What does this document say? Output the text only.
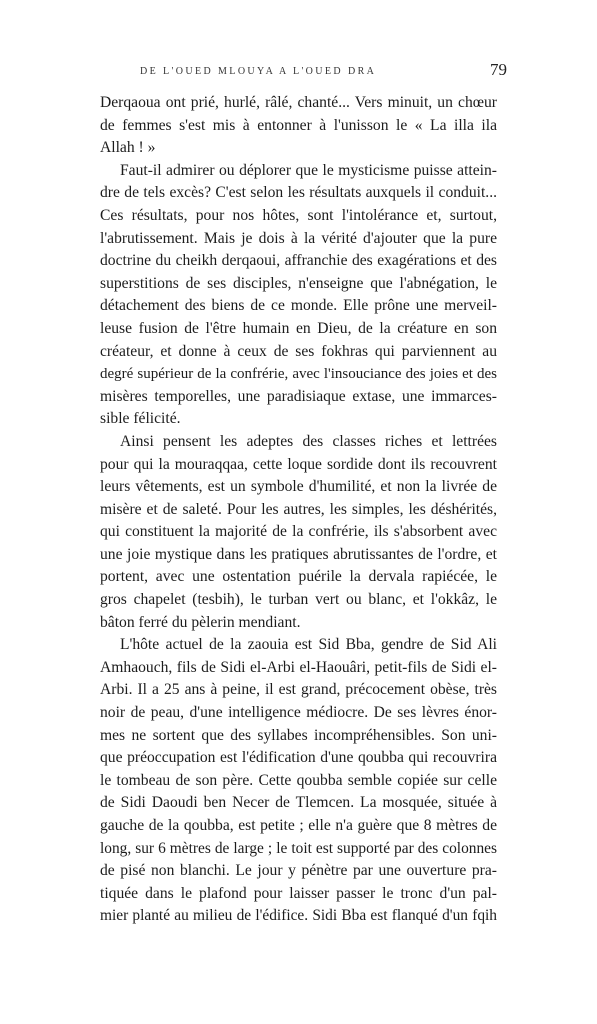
DE L'OUED MLOUYA A L'OUED DRA	79
Derqaoua ont prié, hurlé, râlé, chanté... Vers minuit, un chœur
de femmes s'est mis à entonner à l'unisson le « La illa ila
Allah ! »
Faut-il admirer ou déplorer que le mysticisme puisse attein-
dre de tels excès? C'est selon les résultats auxquels il conduit...
Ces résultats, pour nos hôtes, sont l'intolérance et, surtout,
l'abrutissement. Mais je dois à la vérité d'ajouter que la pure
doctrine du cheikh derqaoui, affranchie des exagérations et des
superstitions de ses disciples, n'enseigne que l'abnégation, le
détachement des biens de ce monde. Elle prône une merveil-
leuse fusion de l'être humain en Dieu, de la créature en son
créateur, et donne à ceux de ses fokhras qui parviennent au
degré supérieur de la confrérie, avec l'insouciance des joies et des
misères temporelles, une paradisiaque extase, une immarces-
sible félicité.
Ainsi pensent les adeptes des classes riches et lettrées
pour qui la mouraqqaa, cette loque sordide dont ils recouvrent
leurs vêtements, est un symbole d'humilité, et non la livrée de
misère et de saleté. Pour les autres, les simples, les déshérités,
qui constituent la majorité de la confrérie, ils s'absorbent avec
une joie mystique dans les pratiques abrutissantes de l'ordre, et
portent, avec une ostentation puérile la dervala rapiécée, le
gros chapelet (tesbih), le turban vert ou blanc, et l'okkâz, le
bâton ferré du pèlerin mendiant.
L'hôte actuel de la zaouia est Sid Bba, gendre de Sid Ali
Amhaouch, fils de Sidi el-Arbi el-Haouâri, petit-fils de Sidi el-
Arbi. Il a 25 ans à peine, il est grand, précocement obèse, très
noir de peau, d'une intelligence médiocre. De ses lèvres énor-
mes ne sortent que des syllabes incompréhensibles. Son uni-
que préoccupation est l'édification d'une qoubba qui recouvrira
le tombeau de son père. Cette qoubba semble copiée sur celle
de Sidi Daoudi ben Necer de Tlemcen. La mosquée, située à
gauche de la qoubba, est petite ; elle n'a guère que 8 mètres de
long, sur 6 mètres de large ; le toit est supporté par des colonnes
de pisé non blanchi. Le jour y pénètre par une ouverture pra-
tiquée dans le plafond pour laisser passer le tronc d'un pal-
mier planté au milieu de l'édifice. Sidi Bba est flanqué d'un fqih
